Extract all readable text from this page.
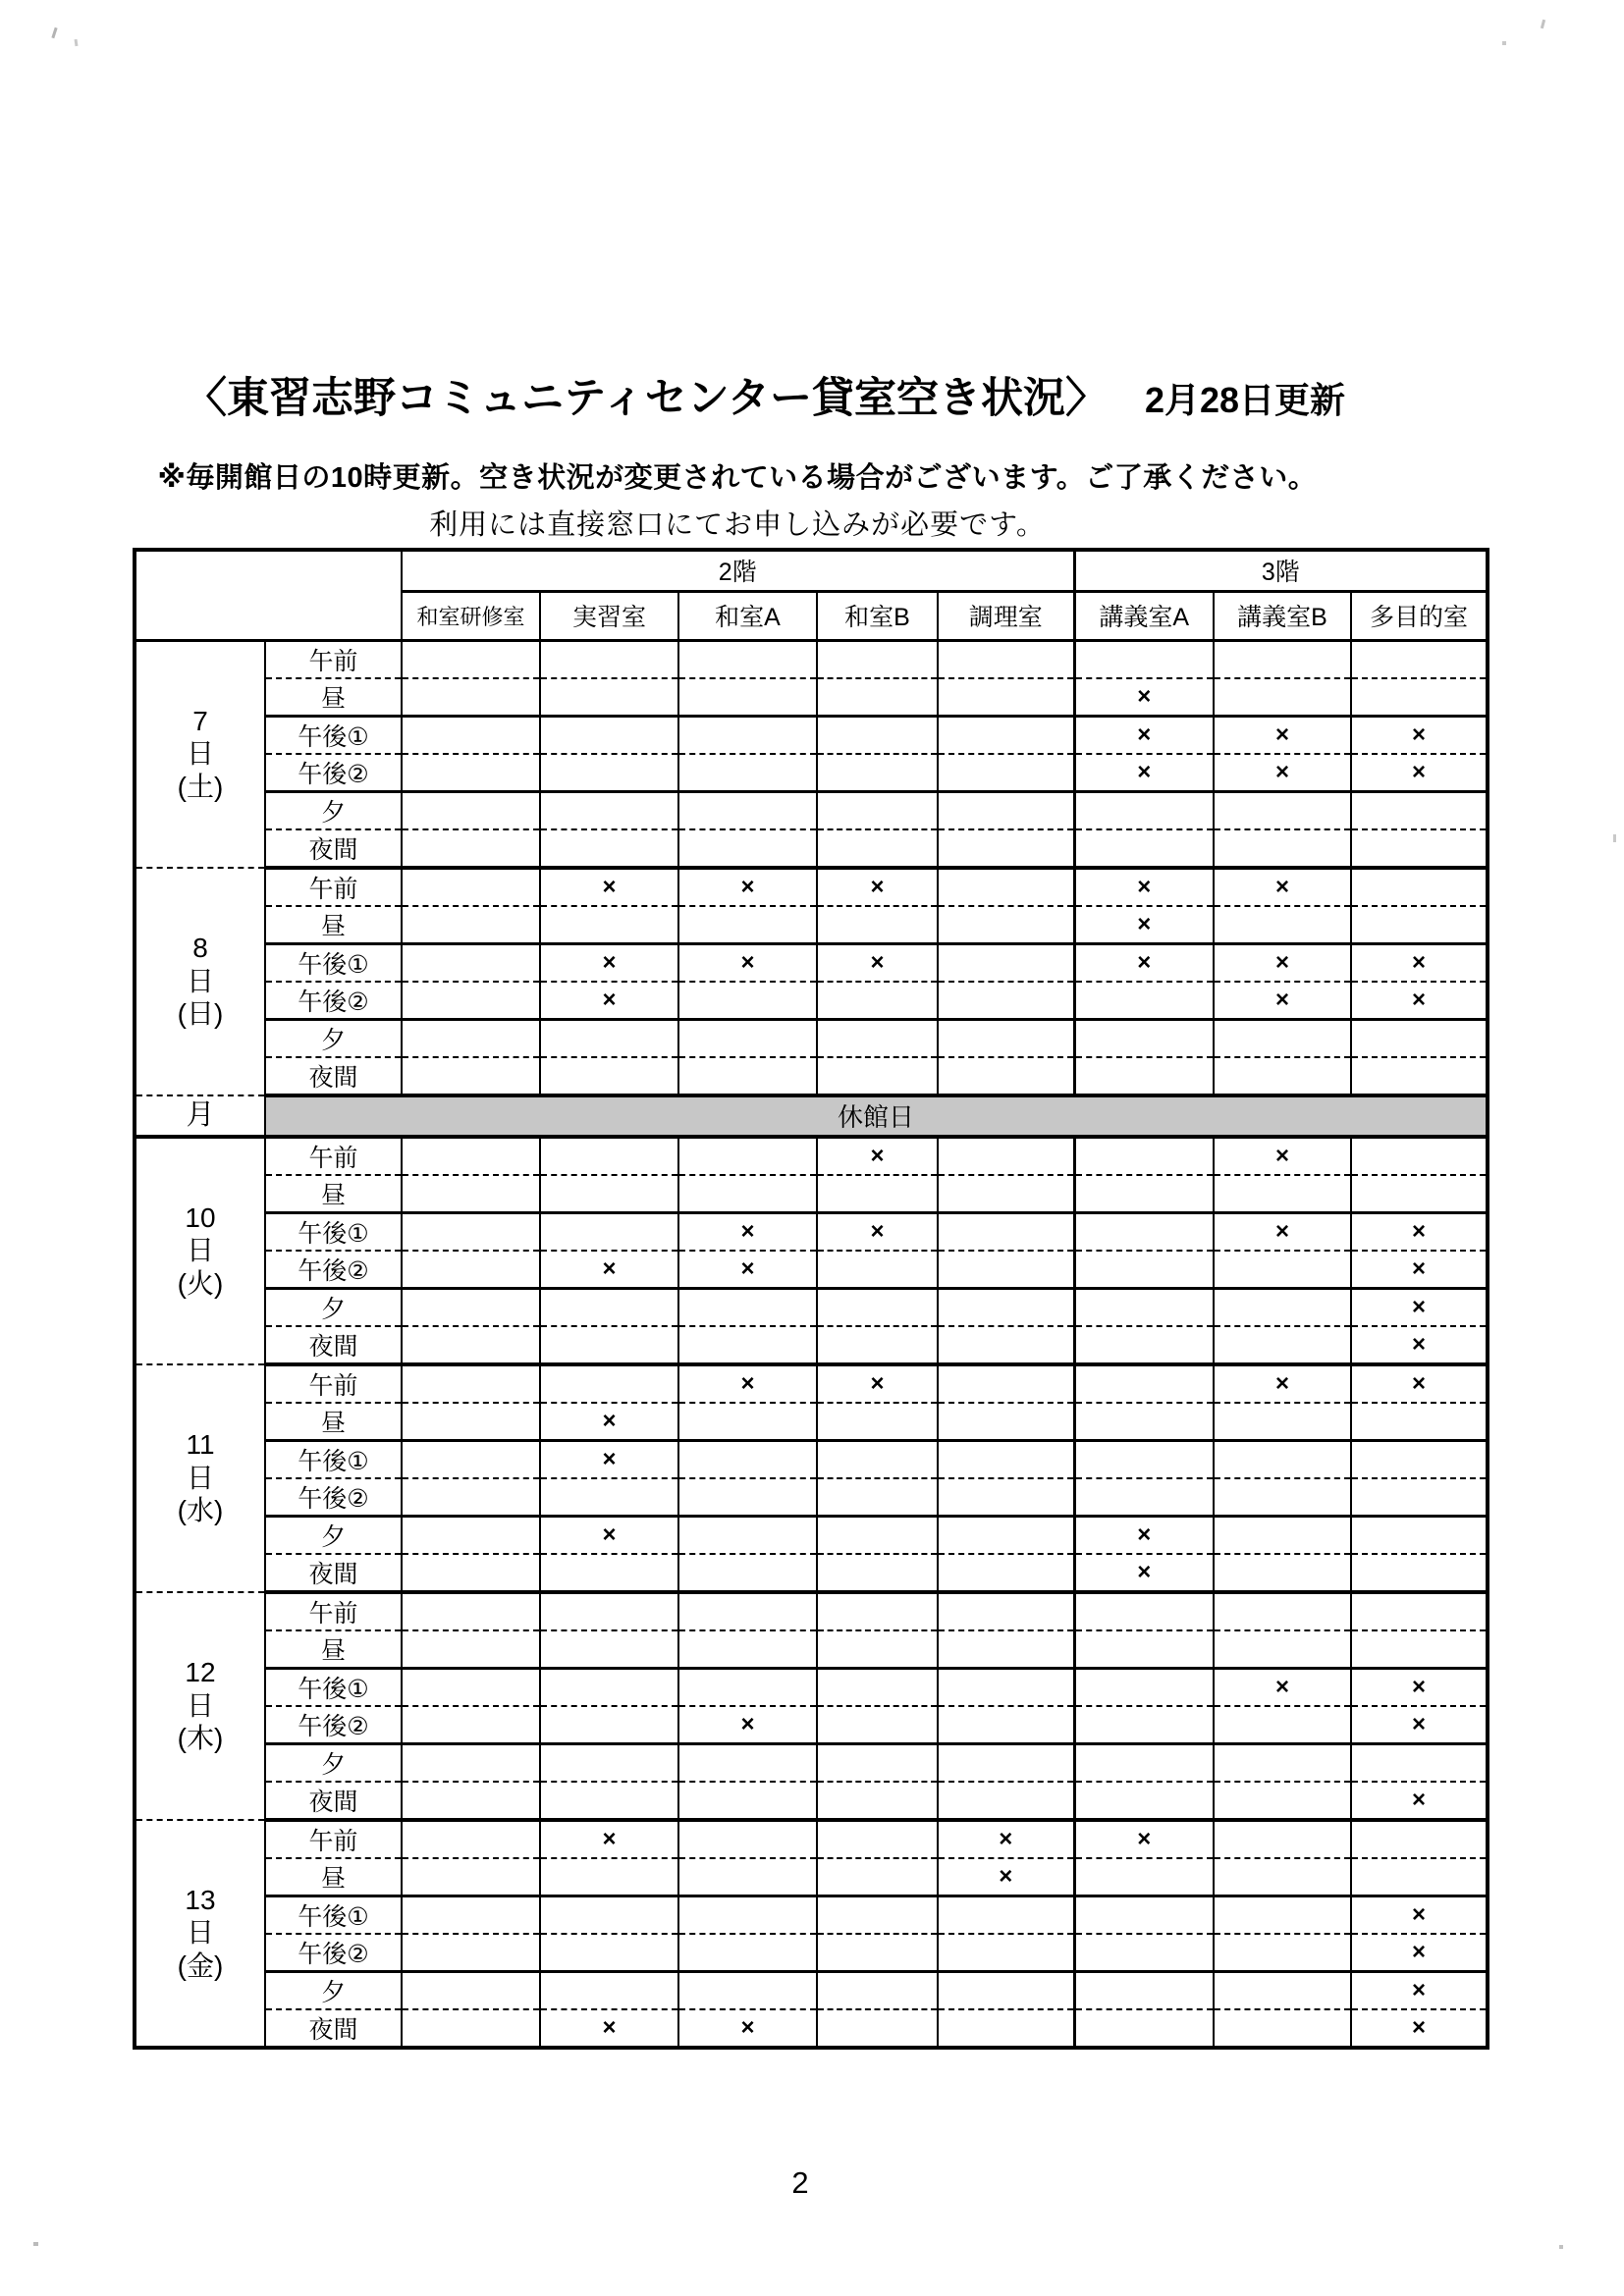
〈東習志野コミュニティセンター貸室空き状況〉 2月28日更新
※毎開館日の10時更新。空き状況が変更されている場合がございます。ご了承ください。
利用には直接窓口にてお申し込みが必要です。
		2階					3階		
		和室研修室	実習室	和室A	和室B	調理室	講義室A	講義室B	多目的室

7
日
(土)	午前								
	昼						×		
	午後①						×	×	×
	午後②						×	×	×
	夕								
	夜間								

8
日
(日)	午前		×	×	×		×	×	
	昼						×		
	午後①		×	×	×		×	×	×
	午後②		×					×	×
	夕								
	夜間								
月	休館日								

10
日
(火)	午前				×			×	
	昼								
	午後①			×	×			×	×
	午後②		×	×					×
	夕								×
	夜間								×

11
日
(水)	午前			×	×			×	×
	昼		×						
	午後①		×						
	午後②								
	夕		×				×		
	夜間						×		

12
日
(木)	午前								
	昼								
	午後①							×	×
	午後②			×					×
	夕								
	夜間								×

13
日
(金)	午前		×			×	×		
	昼					×			
	午後①								×
	午後②								×
	夕								×
	夜間		×	×					×
2
